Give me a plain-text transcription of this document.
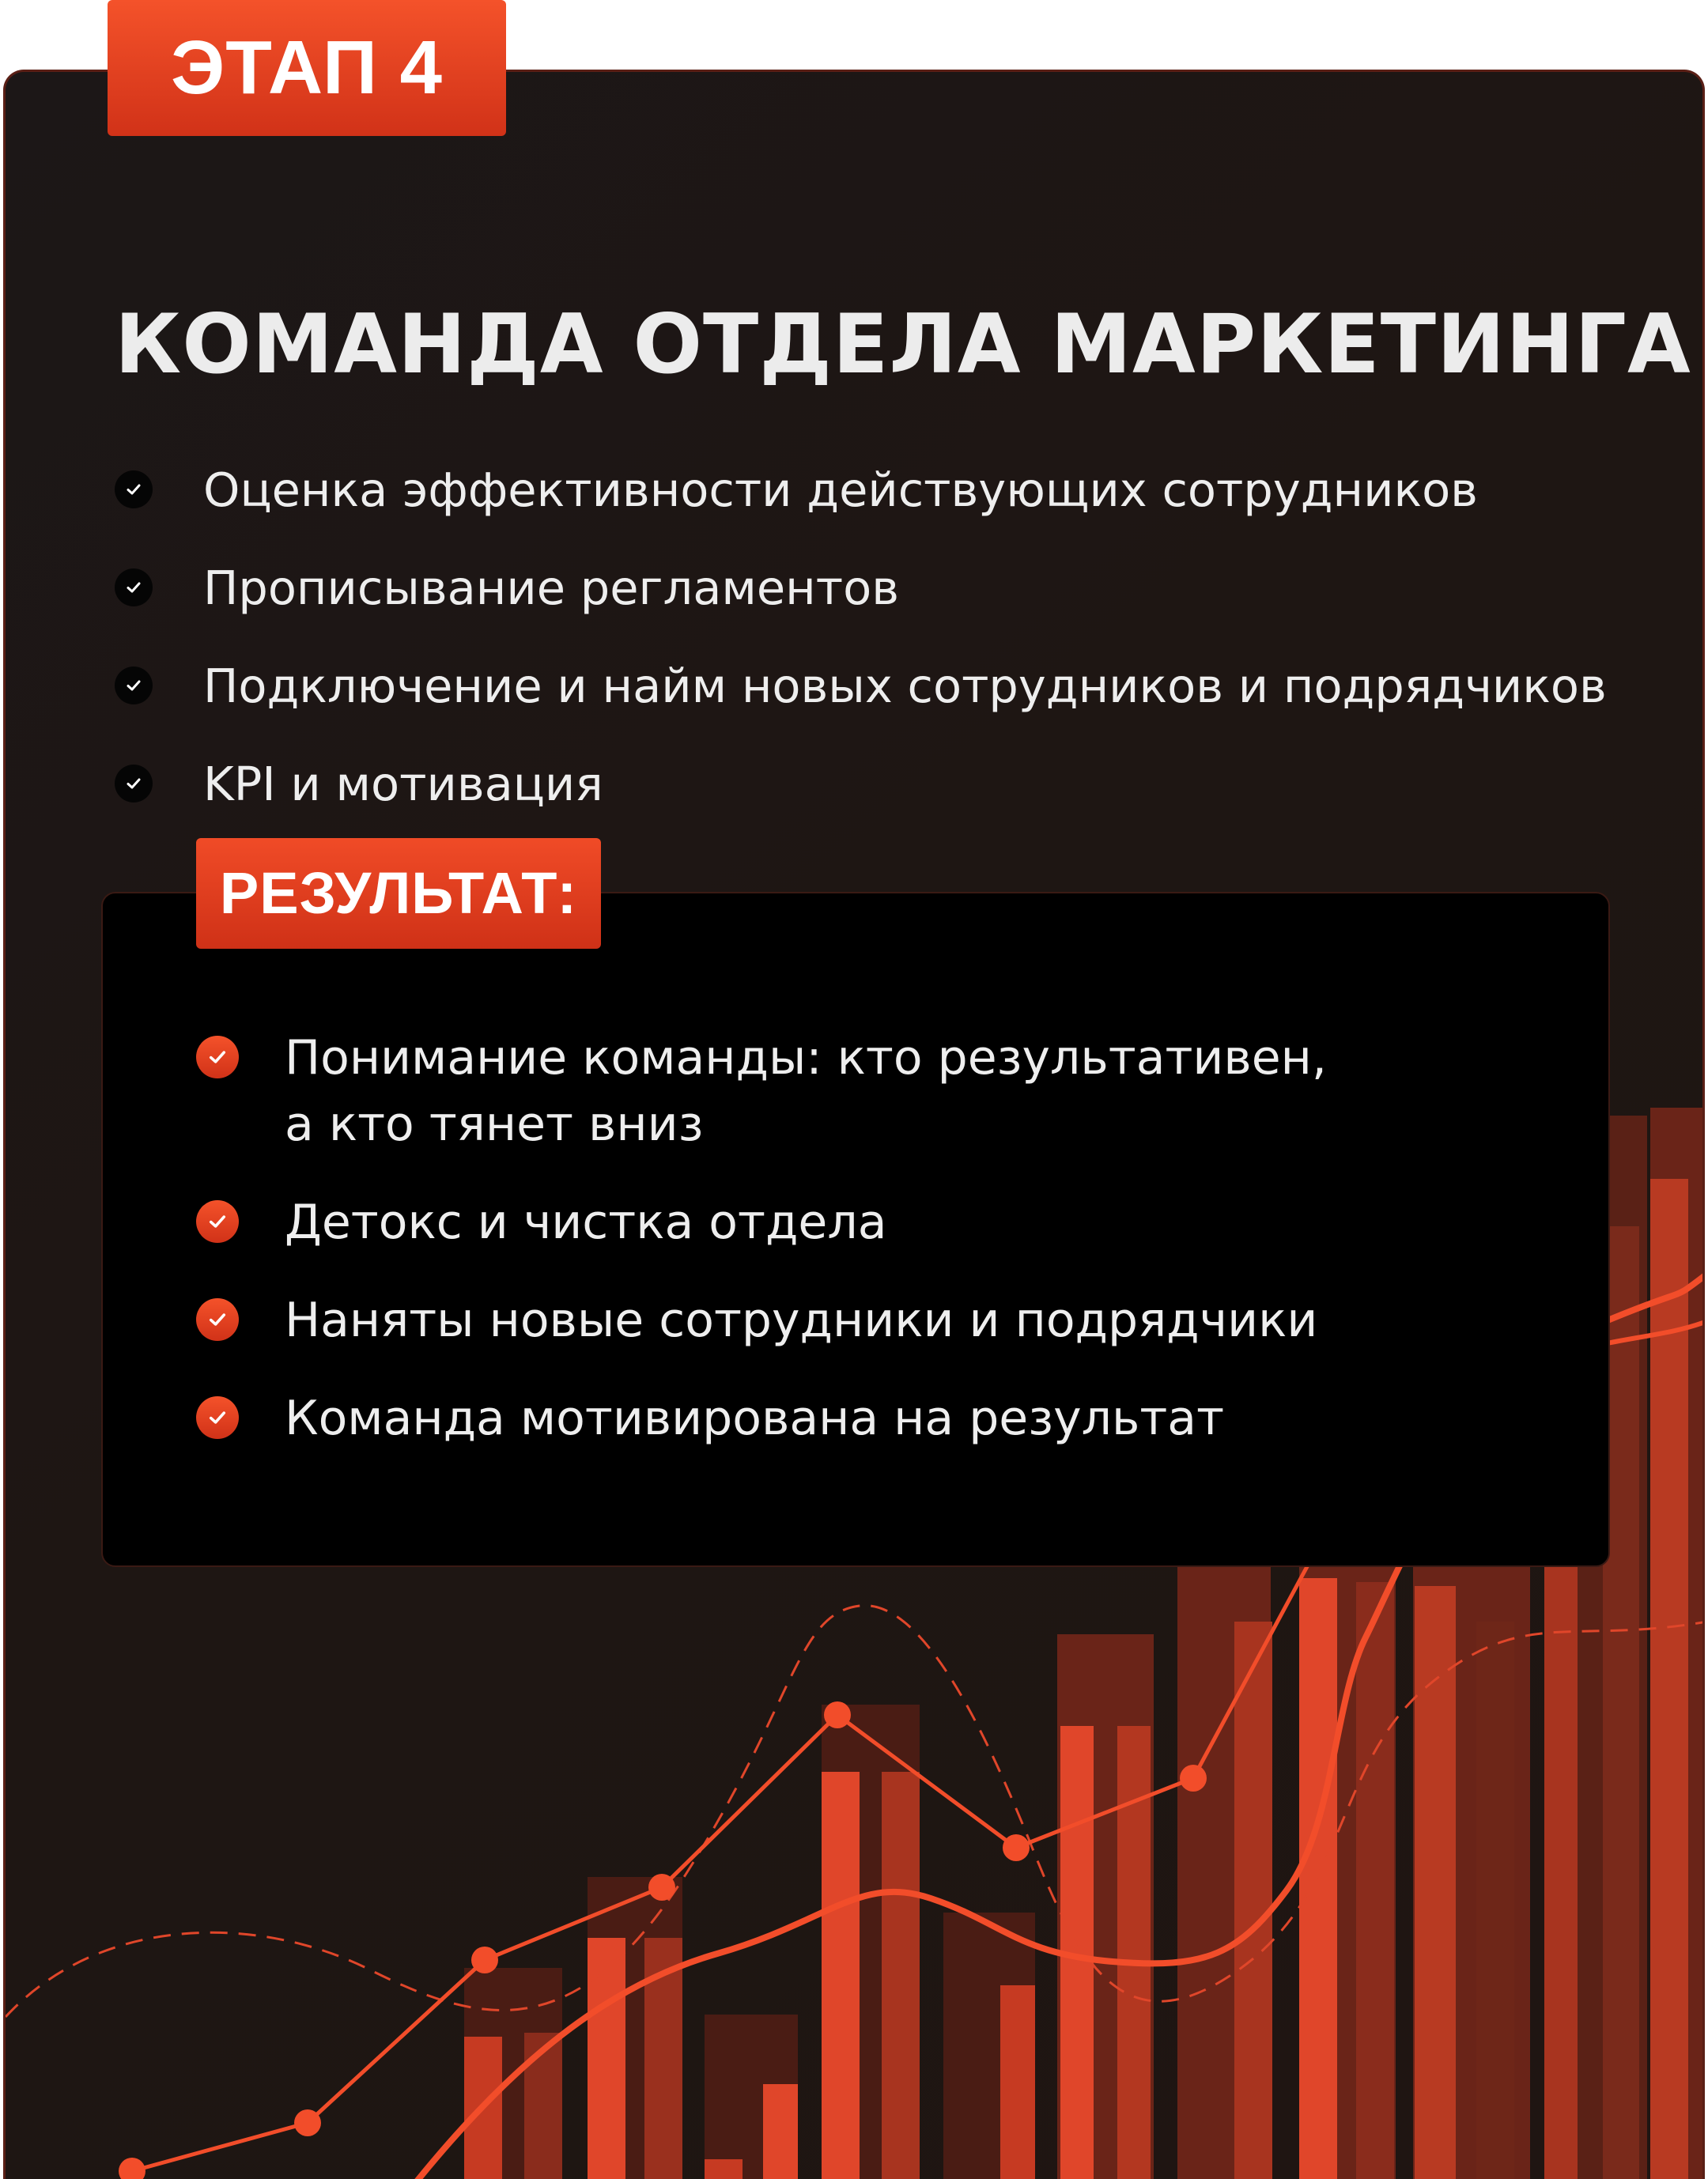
КОМАНДА ОТДЕЛА МАРКЕТИНГА
Оценка эффективности действующих сотрудников
Прописывание регламентов
Подключение и найм новых сотрудников и подрядчиков
KPI и мотивация
ЭТАП 4
РЕЗУЛЬТАТ:
Понимание команды: кто результативен,
а кто тянет вниз
Детокс и чистка отдела
Наняты новые сотрудники и подрядчики
Команда мотивирована на результат
